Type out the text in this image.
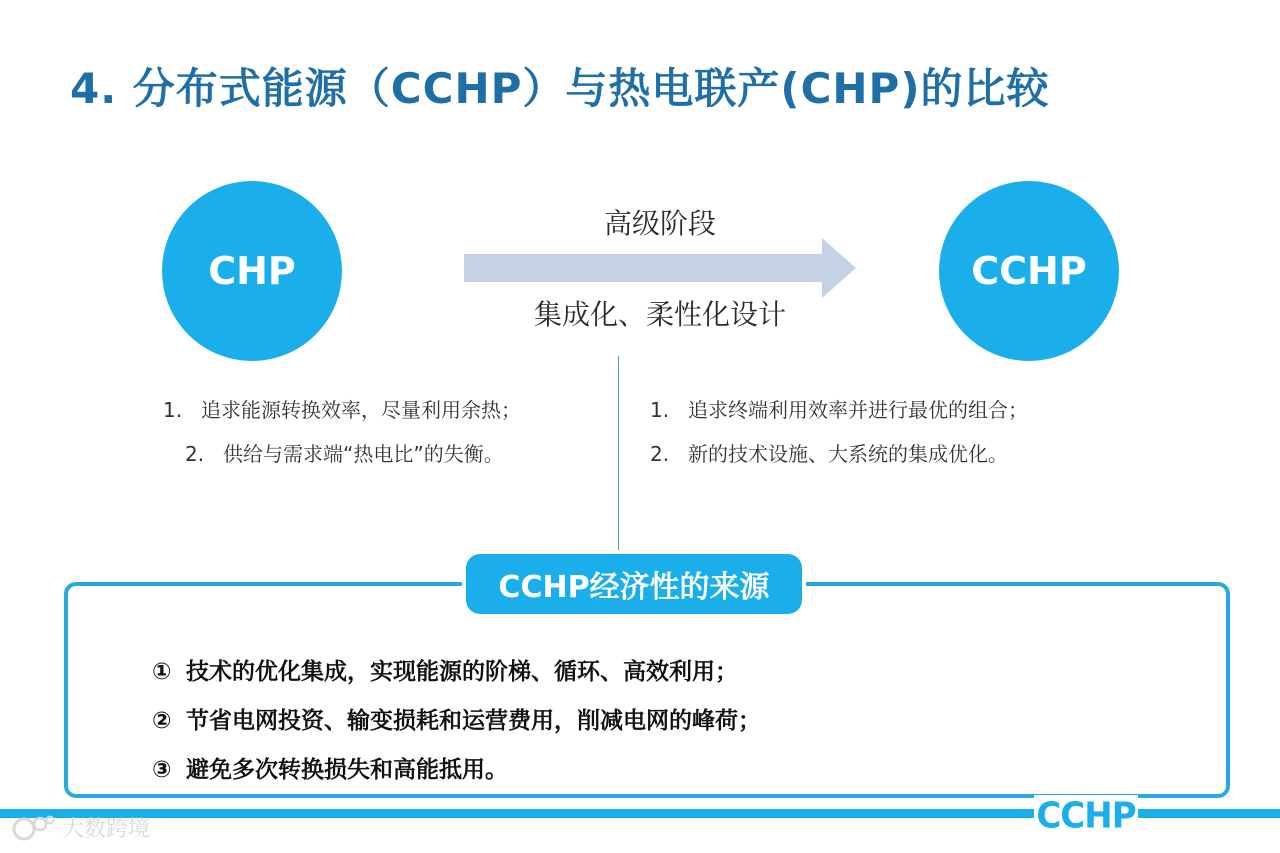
4. 分布式能源（CCHP）与热电联产(CHP)的比较
CHP
高级阶段
集成化、柔性化设计
CCHP
1. 追求能源转换效率，尽量利用余热；
2. 供给与需求端“热电比”的失衡。
1. 追求终端利用效率并进行最优的组合；
2. 新的技术设施、大系统的集成优化。
CCHP经济性的来源
① 技术的优化集成，实现能源的阶梯、循环、高效利用；
② 节省电网投资、输变损耗和运营费用，削减电网的峰荷；
③ 避免多次转换损失和高能抵用。
CCHP
大数跨境
